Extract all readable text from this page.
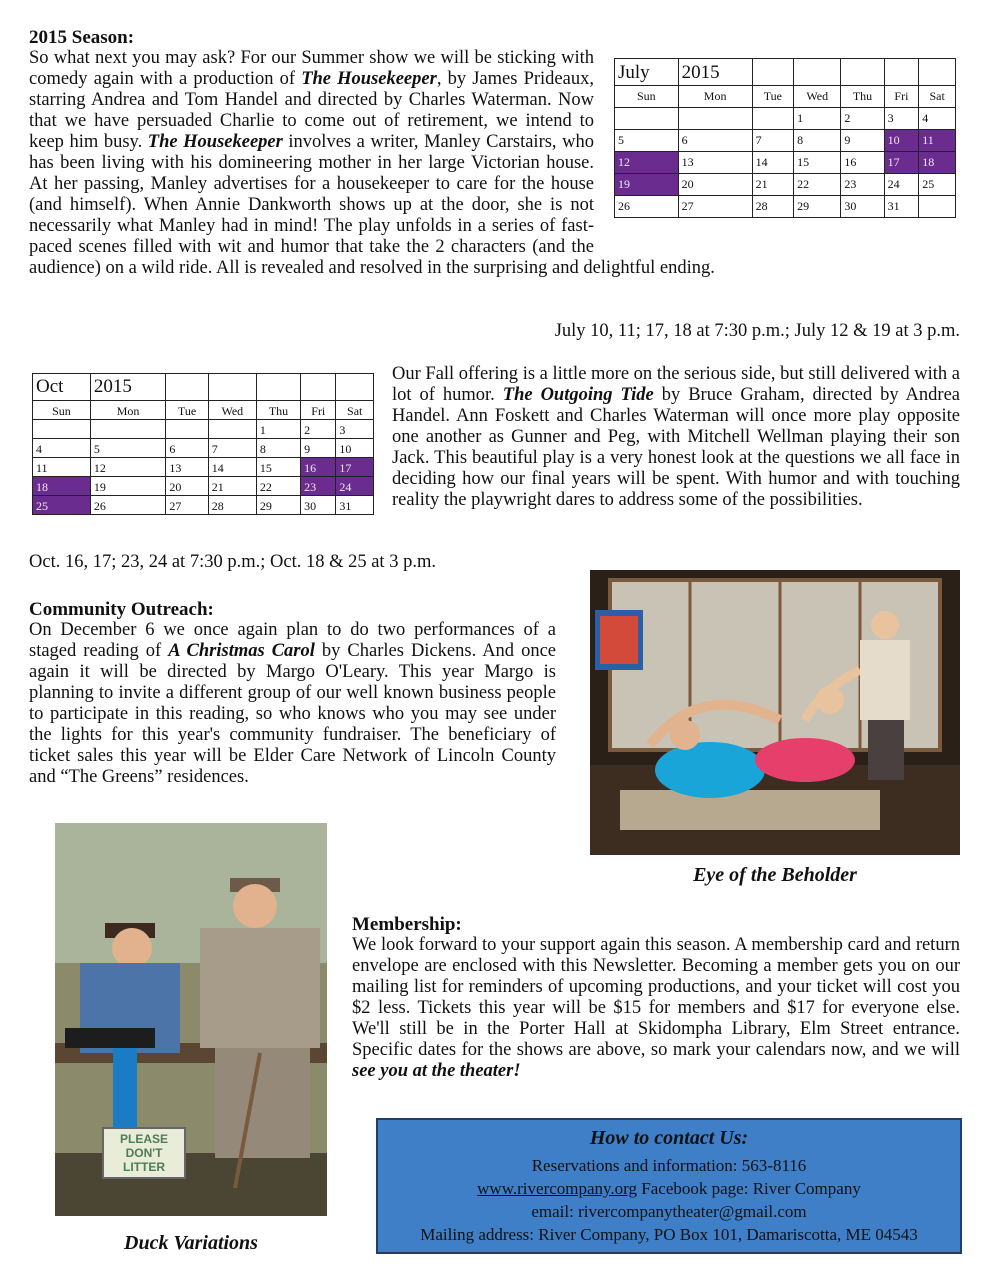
2015 Season:
July	2015					
Sun	Mon	Tue	Wed	Thu	Fri	Sat
			1	2	3	4
5	6	7	8	9	10	11
12	13	14	15	16	17	18
19	20	21	22	23	24	25
26	27	28	29	30	31	
So what next you may ask? For our Summer show we will be sticking with comedy again with a production of The Housekeeper, by James Prideaux, starring Andrea and Tom Handel and directed by Charles Waterman. Now that we have persuaded Charlie to come out of retirement, we intend to keep him busy. The Housekeeper involves a writer, Manley Carstairs, who has been living with his domineering mother in her large Victorian house. At her passing, Manley advertises for a housekeeper to care for the house (and himself). When Annie Dankworth shows up at the door, she is not necessarily what Manley had in mind! The play unfolds in a series of fast-paced scenes filled with wit and humor that take the 2 characters (and the audience) on a wild ride. All is revealed and resolved in the surprising and delightful ending.
July 10, 11; 17, 18 at 7:30 p.m.; July 12 & 19 at 3 p.m.
Oct	2015					
Sun	Mon	Tue	Wed	Thu	Fri	Sat
				1	2	3
4	5	6	7	8	9	10
11	12	13	14	15	16	17
18	19	20	21	22	23	24
25	26	27	28	29	30	31
Our Fall offering is a little more on the serious side, but still delivered with a lot of humor. The Outgoing Tide by Bruce Graham, directed by Andrea Handel. Ann Foskett and Charles Waterman will once more play opposite one another as Gunner and Peg, with Mitchell Wellman playing their son Jack. This beautiful play is a very honest look at the questions we all face in deciding how our final years will be spent. With humor and with touching reality the playwright dares to address some of the possibilities.
Oct. 16, 17; 23, 24 at 7:30 p.m.; Oct. 18 & 25 at 3 p.m.
Community Outreach:
On December 6 we once again plan to do two performances of a staged reading of A Christmas Carol by Charles Dickens. And once again it will be directed by Margo O'Leary. This year Margo is planning to invite a different group of our well known business people to participate in this reading, so who knows who you may see under the lights for this year's community fundraiser. The beneficiary of ticket sales this year will be Elder Care Network of Lincoln County and “The Greens” residences.
Eye of the Beholder
PLEASE DON'T LITTER
Duck Variations
Membership:
We look forward to your support again this season. A membership card and return envelope are enclosed with this Newsletter. Becoming a member gets you on our mailing list for reminders of upcoming productions, and your ticket will cost you $2 less. Tickets this year will be $15 for members and $17 for everyone else. We'll still be in the Porter Hall at Skidompha Library, Elm Street entrance. Specific dates for the shows are above, so mark your calendars now, and we will see you at the theater!
How to contact Us:
Reservations and information: 563-8116
www.rivercompany.org Facebook page: River Company
email: rivercompanytheater@gmail.com
Mailing address: River Company, PO Box 101, Damariscotta, ME 04543
